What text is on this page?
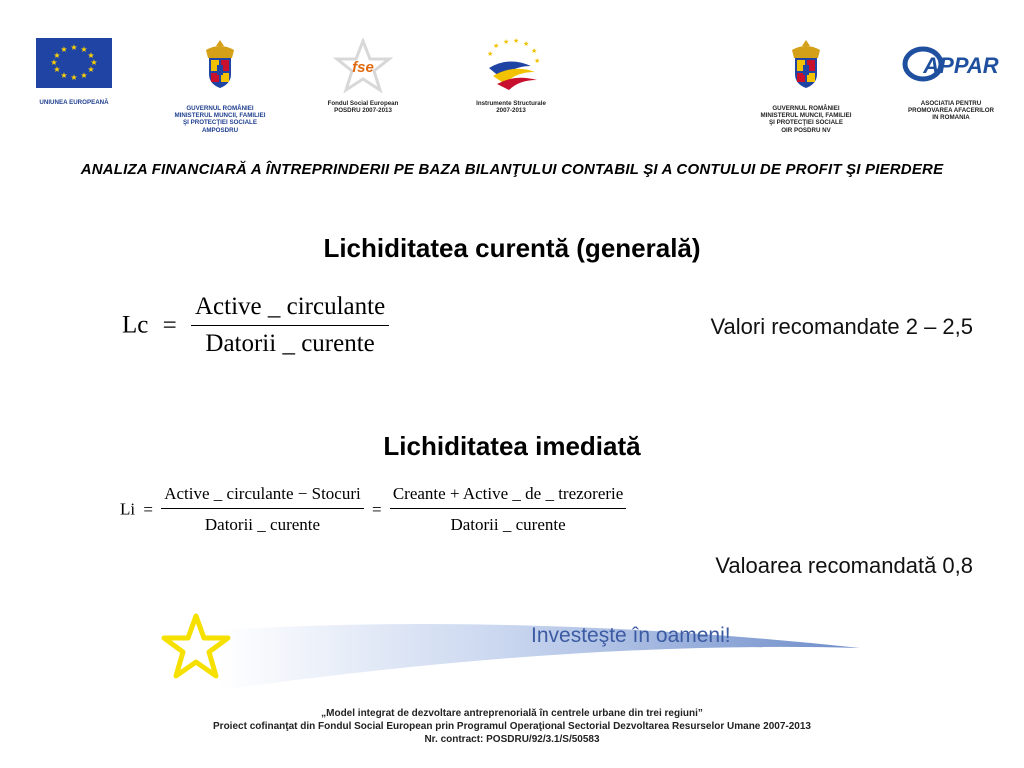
★ ★
★
★
★
★
★
★
★
★
★
★
UNIUNEA EUROPEANĂ
GUVERNUL ROMÂNIEI
MINISTERUL MUNCII, FAMILIEI
ŞI PROTECŢIEI SOCIALE
AMPOSDRU
fse
Fondul Social European
POSDRU 2007-2013
★ ★ ★ ★
★
★
★
Instrumente Structurale
2007-2013	GUVERNUL ROMÂNIEI
MINISTERUL MUNCII, FAMILIEI
ŞI PROTECŢIEI SOCIALE
OIR POSDRU NV
APPAR
ASOCIATIA PENTRU
PROMOVAREA AFACERILOR
IN ROMANIA
ANALIZA FINANCIARĂ A ÎNTREPRINDERII PE BAZA BILANŢULUI CONTABIL ŞI A CONTULUI DE PROFIT ŞI PIERDERE
Lichiditatea curentă (generală)
$Lc = \frac{\text{Active \_ circulante}}{\text{Datorii \_ curente}}$	Valori recomandate 2 – 2,5
Lichiditatea imediată
$Li = \frac{\text{Active \_ circulante − Stocuri}}{\text{Datorii \_ curente}} = \frac{\text{Creante + Active \_ de \_ trezorerie}}{\text{Datorii \_ curente}}$
Valoarea recomandată 0,8
Investeşte în oameni!
„Model integrat de dezvoltare antreprenorială în centrele urbane din trei regiuni”
Proiect cofinanţat din Fondul Social European prin Programul Operaţional Sectorial Dezvoltarea Resurselor Umane 2007-2013
Nr. contract: POSDRU/92/3.1/S/50583
